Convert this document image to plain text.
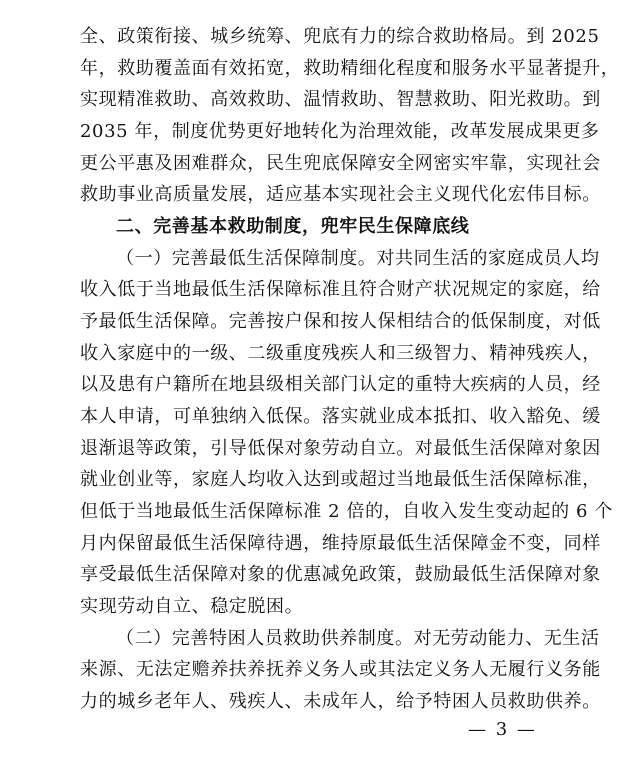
全、政策衔接、城乡统筹、兜底有力的综合救助格局。到 2025
年，救助覆盖面有效拓宽，救助精细化程度和服务水平显著提升，
实现精准救助、高效救助、温情救助、智慧救助、阳光救助。到
2035 年，制度优势更好地转化为治理效能，改革发展成果更多
更公平惠及困难群众，民生兜底保障安全网密实牢靠，实现社会
救助事业高质量发展，适应基本实现社会主义现代化宏伟目标。
二、完善基本救助制度，兜牢民生保障底线
（一）完善最低生活保障制度。对共同生活的家庭成员人均
收入低于当地最低生活保障标准且符合财产状况规定的家庭，给
予最低生活保障。完善按户保和按人保相结合的低保制度，对低
收入家庭中的一级、二级重度残疾人和三级智力、精神残疾人，
以及患有户籍所在地县级相关部门认定的重特大疾病的人员，经
本人申请，可单独纳入低保。落实就业成本抵扣、收入豁免、缓
退渐退等政策，引导低保对象劳动自立。对最低生活保障对象因
就业创业等，家庭人均收入达到或超过当地最低生活保障标准，
但低于当地最低生活保障标准 2 倍的，自收入发生变动起的 6 个
月内保留最低生活保障待遇，维持原最低生活保障金不变，同样
享受最低生活保障对象的优惠减免政策，鼓励最低生活保障对象
实现劳动自立、稳定脱困。
（二）完善特困人员救助供养制度。对无劳动能力、无生活
来源、无法定赡养扶养抚养义务人或其法定义务人无履行义务能
力的城乡老年人、残疾人、未成年人，给予特困人员救助供养。
— 3 —
